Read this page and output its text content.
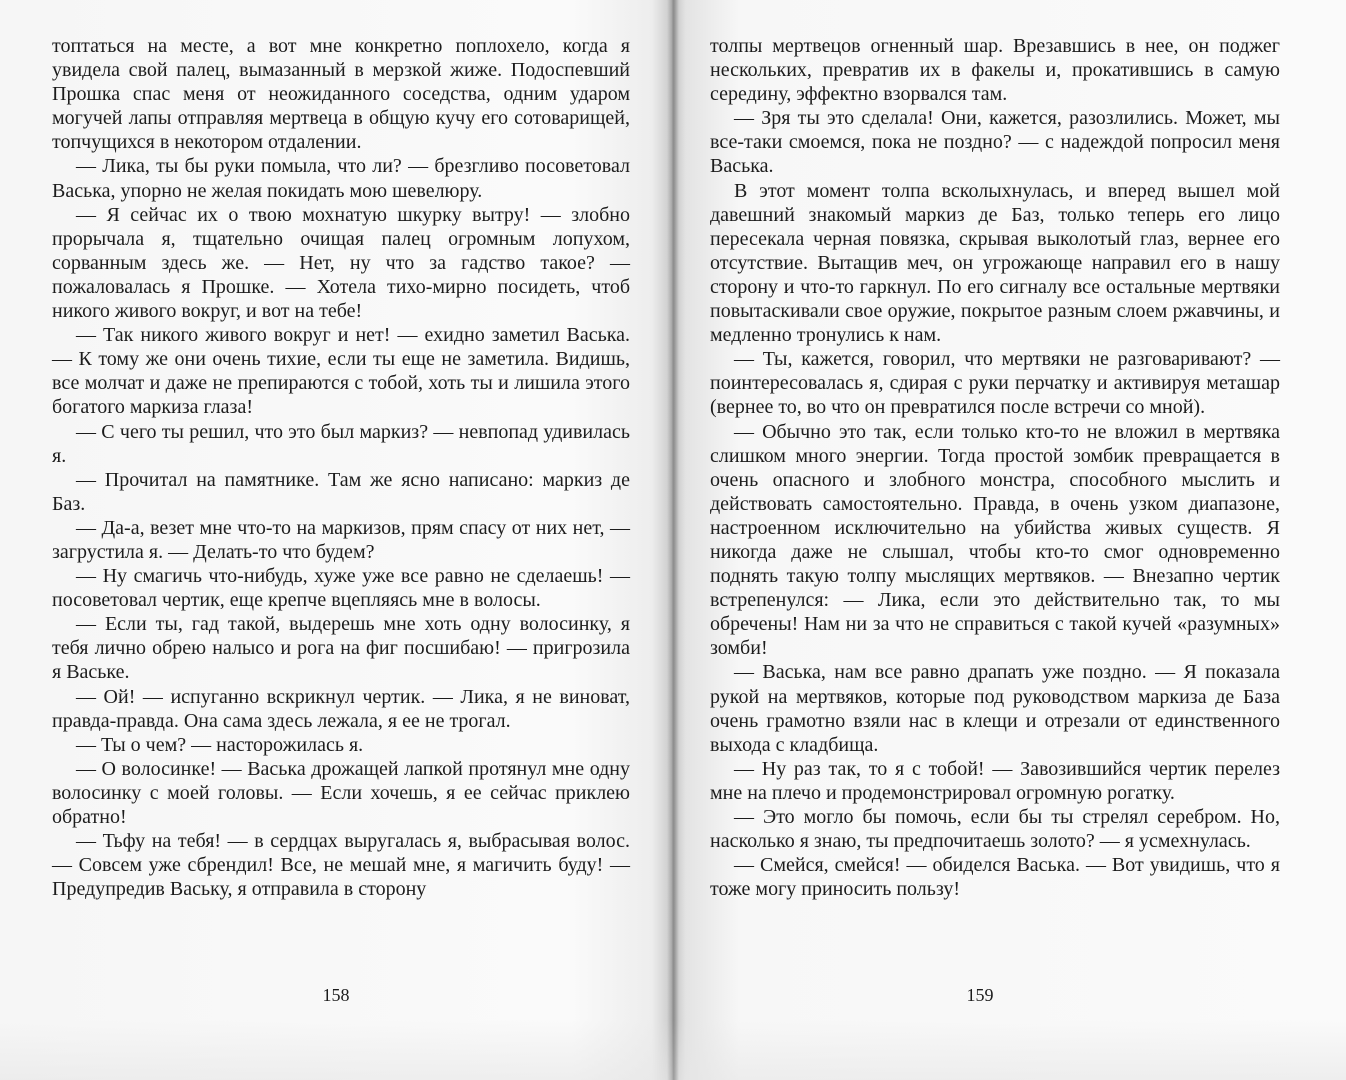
топтаться на месте, а вот мне конкретно поплохело, когда я увидела свой палец, вымазанный в мерзкой жиже. Подоспевший Прошка спас меня от неожиданного соседства, одним ударом могучей лапы отправляя мертвеца в общую кучу его сотоварищей, топчущихся в некотором отдалении.

— Лика, ты бы руки помыла, что ли? — брезгливо посоветовал Васька, упорно не желая покидать мою шевелюру.

— Я сейчас их о твою мохнатую шкурку вытру! — злобно прорычала я, тщательно очищая палец огромным лопухом, сорванным здесь же. — Нет, ну что за гадство такое? — пожаловалась я Прошке. — Хотела тихо-мирно посидеть, чтоб никого живого вокруг, и вот на тебе!

— Так никого живого вокруг и нет! — ехидно заметил Васька. — К тому же они очень тихие, если ты еще не заметила. Видишь, все молчат и даже не препираются с тобой, хоть ты и лишила этого богатого маркиза глаза!

— С чего ты решил, что это был маркиз? — невпопад удивилась я.

— Прочитал на памятнике. Там же ясно написано: маркиз де Баз.

— Да-а, везет мне что-то на маркизов, прям спасу от них нет, — загрустила я. — Делать-то что будем?

— Ну смагичь что-нибудь, хуже уже все равно не сделаешь! — посоветовал чертик, еще крепче вцепляясь мне в волосы.

— Если ты, гад такой, выдерешь мне хоть одну волосинку, я тебя лично обрею налысо и рога на фиг посшибаю! — пригрозила я Ваське.

— Ой! — испуганно вскрикнул чертик. — Лика, я не виноват, правда-правда. Она сама здесь лежала, я ее не трогал.

— Ты о чем? — насторожилась я.

— О волосинке! — Васька дрожащей лапкой протянул мне одну волосинку с моей головы. — Если хочешь, я ее сейчас приклею обратно!

— Тьфу на тебя! — в сердцах выругалась я, выбрасывая волос. — Совсем уже сбрендил! Все, не мешай мне, я магичить буду! — Предупредив Ваську, я отправила в сторону

158

толпы мертвецов огненный шар. Врезавшись в нее, он поджег нескольких, превратив их в факелы и, прокатившись в самую середину, эффектно взорвался там.

— Зря ты это сделала! Они, кажется, разозлились. Может, мы все-таки смоемся, пока не поздно? — с надеждой попросил меня Васька.

В этот момент толпа всколыхнулась, и вперед вышел мой давешний знакомый маркиз де Баз, только теперь его лицо пересекала черная повязка, скрывая выколотый глаз, вернее его отсутствие. Вытащив меч, он угрожающе направил его в нашу сторону и что-то гаркнул. По его сигналу все остальные мертвяки повытаскивали свое оружие, покрытое разным слоем ржавчины, и медленно тронулись к нам.

— Ты, кажется, говорил, что мертвяки не разговаривают? — поинтересовалась я, сдирая с руки перчатку и активируя меташар (вернее то, во что он превратился после встречи со мной).

— Обычно это так, если только кто-то не вложил в мертвяка слишком много энергии. Тогда простой зомбик превращается в очень опасного и злобного монстра, способного мыслить и действовать самостоятельно. Правда, в очень узком диапазоне, настроенном исключительно на убийства живых существ. Я никогда даже не слышал, чтобы кто-то смог одновременно поднять такую толпу мыслящих мертвяков. — Внезапно чертик встрепенулся: — Лика, если это действительно так, то мы обречены! Нам ни за что не справиться с такой кучей «разумных» зомби!

— Васька, нам все равно драпать уже поздно. — Я показала рукой на мертвяков, которые под руководством маркиза де База очень грамотно взяли нас в клещи и отрезали от единственного выхода с кладбища.

— Ну раз так, то я с тобой! — Завозившийся чертик перелез мне на плечо и продемонстрировал огромную рогатку.

— Это могло бы помочь, если бы ты стрелял серебром. Но, насколько я знаю, ты предпочитаешь золото? — я усмехнулась.

— Смейся, смейся! — обиделся Васька. — Вот увидишь, что я тоже могу приносить пользу!

159
